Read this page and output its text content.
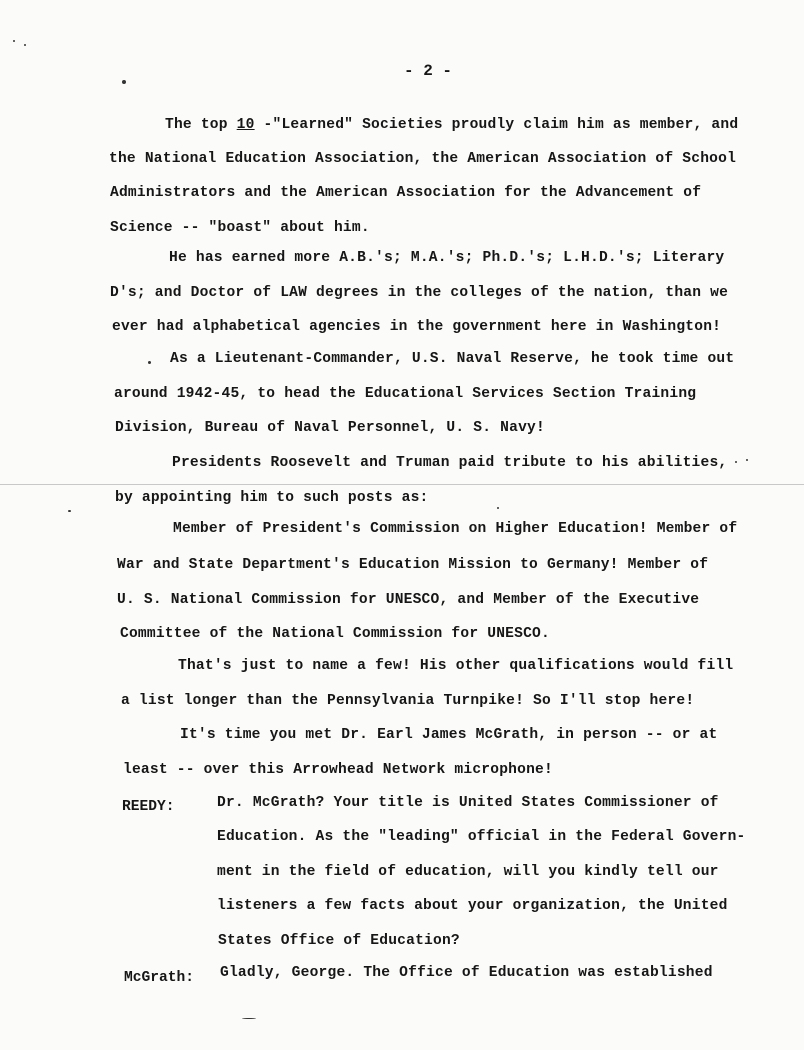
- 2 -
The top 10 -"Learned" Societies proudly claim him as member, and
the National Education Association, the American Association of School
Administrators and the American Association for the Advancement of
Science -- "boast" about him.
He has earned more A.B.'s; M.A.'s; Ph.D.'s; L.H.D.'s; Literary
D's; and Doctor of LAW degrees in the colleges of the nation, than we
ever had alphabetical agencies in the government here in Washington!
As a Lieutenant-Commander, U.S. Naval Reserve, he took time out
around 1942-45, to head the Educational Services Section Training
Division, Bureau of Naval Personnel, U. S. Navy!
Presidents Roosevelt and Truman paid tribute to his abilities,
by appointing him to such posts as:
Member of President's Commission on Higher Education! Member of
War and State Department's Education Mission to Germany! Member of
U. S. National Commission for UNESCO, and Member of the Executive
Committee of the National Commission for UNESCO.
That's just to name a few! His other qualifications would fill
a list longer than the Pennsylvania Turnpike! So I'll stop here!
It's time you met Dr. Earl James McGrath, in person -- or at
least -- over this Arrowhead Network microphone!
REEDY:	Dr. McGrath? Your title is United States Commissioner of
Education. As the "leading" official in the Federal Govern-
ment in the field of education, will you kindly tell our
listeners a few facts about your organization, the United
States Office of Education?
McGrath: Gladly, George. The Office of Education was established
